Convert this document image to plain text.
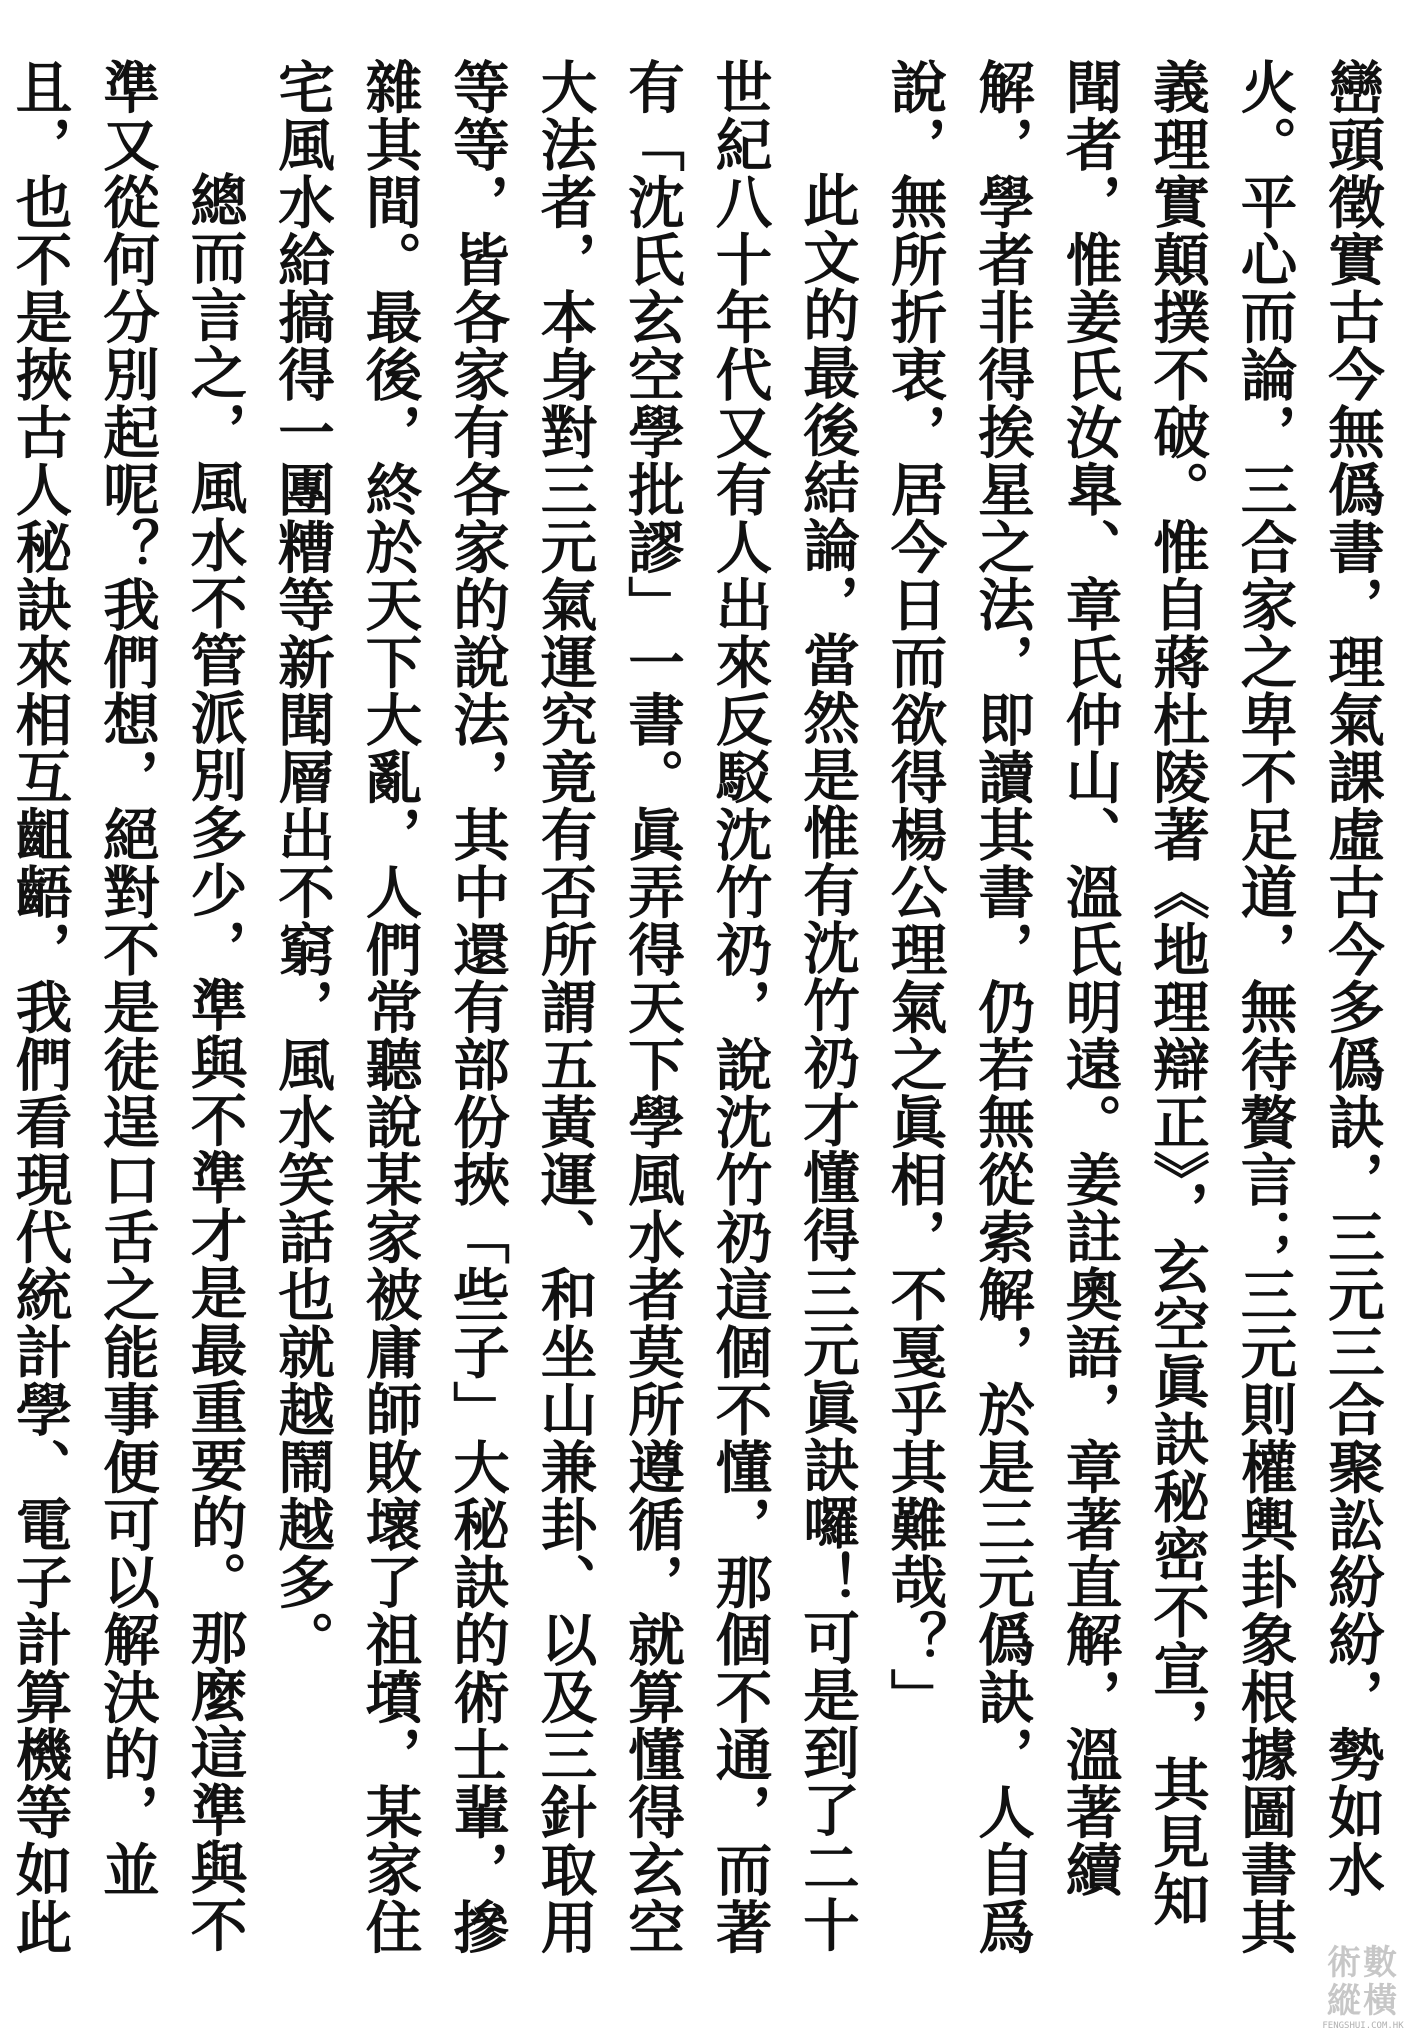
巒頭徵實古今無僞書，理氣課虛古今多僞訣，三元三合聚訟紛紛，勢如水火。平心而論，三合家之卑不足道，無待贅言；三元則權輿卦象根據圖書其義理實顛撲不破。惟自蔣杜陵著《地理辯正》，玄空眞訣秘密不宣，其見知聞者，惟姜氏汝臯、章氏仲山、溫氏明遠。姜註奧語，章著直解，溫著續解，學者非得挨星之法，即讀其書，仍若無從索解，於是三元僞訣，人自爲說，無所折衷，居今日而欲得楊公理氣之眞相，不戛乎其難哉？」

此文的最後結論，當然是惟有沈竹礽才懂得三元眞訣囉！可是到了二十世紀八十年代又有人出來反駁沈竹礽，說沈竹礽這個不懂，那個不通，而著有「沈氏玄空學批謬」一書。眞弄得天下學風水者莫所遵循，就算懂得玄空大法者，本身對三元氣運究竟有否所謂五黃運、和坐山兼卦、以及三針取用等等，皆各家有各家的說法，其中還有部份挾「些子」大秘訣的術士輩，摻雜其間。最後，終於天下大亂，人們常聽說某家被庸師敗壞了祖墳，某家住宅風水給搞得一團糟等新聞層出不窮，風水笑話也就越鬧越多。

總而言之，風水不管派別多少，準與不準才是最重要的。那麼這準與不準又從何分別起呢？我們想，絕對不是徒逞口舌之能事便可以解決的，並且，也不是挾古人秘訣來相互齟齬，我們看現代統計學、電子計算機等如此

術數
縱橫
FENGSHUI.COM.HK
